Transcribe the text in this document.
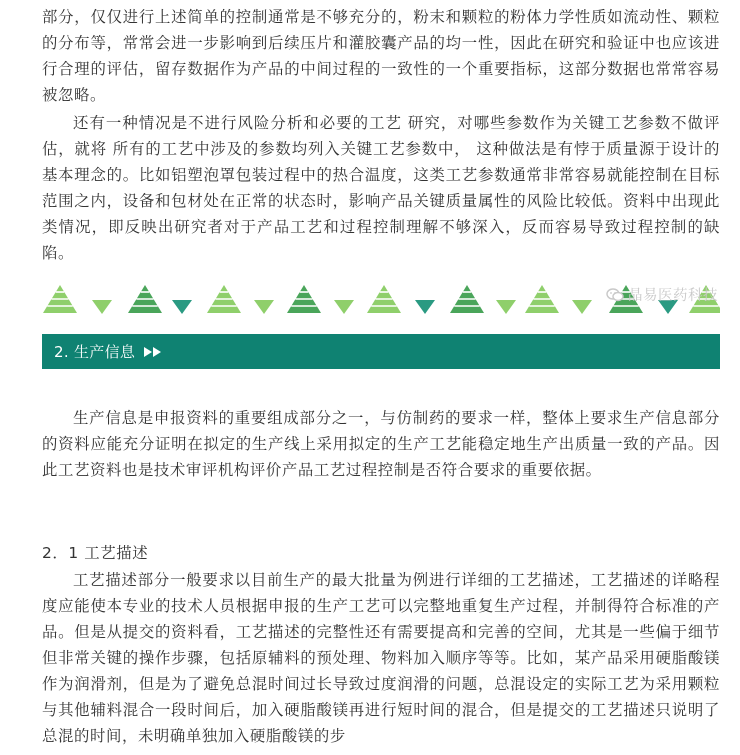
部分，仅仅进行上述简单的控制通常是不够充分的，粉末和颗粒的粉体力学性质如流动性、颗粒的分布等，常常会进一步影响到后续压片和灌胶囊产品的均一性，因此在研究和验证中也应该进行合理的评估，留存数据作为产品的中间过程的一致性的一个重要指标，这部分数据也常常容易被忽略。

还有一种情况是不进行风险分析和必要的工艺 研究，对哪些参数作为关键工艺参数不做评估，就将 所有的工艺中涉及的参数均列入关键工艺参数中， 这种做法是有悖于质量源于设计的基本理念的。比如铝塑泡罩包装过程中的热合温度，这类工艺参数通常非常容易就能控制在目标范围之内，设备和包材处在正常的状态时，影响产品关键质量属性的风险比较低。资料中出现此类情况，即反映出研究者对于产品工艺和过程控制理解不够深入，反而容易导致过程控制的缺陷。

晶易医药科技
2. 生产信息

生产信息是申报资料的重要组成部分之一，与仿制药的要求一样，整体上要求生产信息部分的资料应能充分证明在拟定的生产线上采用拟定的生产工艺能稳定地生产出质量一致的产品。因此工艺资料也是技术审评机构评价产品工艺过程控制是否符合要求的重要依据。

2．1 工艺描述

工艺描述部分一般要求以目前生产的最大批量为例进行详细的工艺描述，工艺描述的详略程度应能使本专业的技术人员根据申报的生产工艺可以完整地重复生产过程，并制得符合标准的产品。但是从提交的资料看，工艺描述的完整性还有需要提高和完善的空间，尤其是一些偏于细节但非常关键的操作步骤，包括原辅料的预处理、物料加入顺序等等。比如，某产品采用硬脂酸镁作为润滑剂，但是为了避免总混时间过长导致过度润滑的问题，总混设定的实际工艺为采用颗粒与其他辅料混合一段时间后，加入硬脂酸镁再进行短时间的混合，但是提交的工艺描述只说明了总混的时间，未明确单独加入硬脂酸镁的步
